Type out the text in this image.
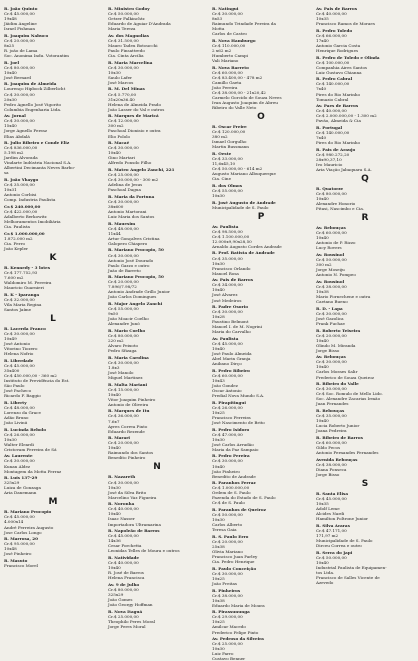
R. João Quinto
Cr.$ 45.000,00
19x48
Jáidim Angeline
Israel Fishman
R. Joaquim Nabuco
Cr.$ 20.000,00
8x25
R. joão de Lama
Soc. Anonima Indu. Votorantim
R. Joel
Cr.$ 80.000,00
10x40
José Bernard
R. Joaquim de Almeida
Lourenço Hipbock Zilberlicht
Cr.$ 30.000,00
20x30
Pedro Agnello José Vigorito
Columbia Engenharia Ltda.
Av. Jornal
Cr.$ 30.000,00
15x40
Jorge Agnello Ferraz
Elias Abdalá
R. Julio Ribeiro e Conde Eliz
Cr.$ 836.000,00
5.198 m2
Jardim Alvorada
Vindarte Indústria Nacional S.A.
Albertini Decimanta Neves Barbo-
sa
R. João Yhaygo
Cr.$ 35.000,00
10x31
Antonio Corbisi
Comp. Industria Paulista
Cr.$ 240.000,00
Cr.$ 422.000,00
Adalberto Berkowitz
Melhoramentos Imobiliária
Cia. Paulista
Cr.$ 1.000.000,00
1.872.000 m2
Cia. Ferro
João Kepler
K
R. Kennedy - 3 lotes
Cr.$ 177.752,93
7.600 m2
Waldomiro M. Ferreira
Mauricio Guarnieri
R. K - Iparanga
Cr.$ 32.000,00
Vila Maria Regina
Santos Jaíme
L
R. Lacerda Franco
Cr.$ 30.000,00
10x49
José Antonio
Vitorino Tiozero
Helena Nofrio
R. Liberdade
Cr.$ 45.000,00
35x400
Cr.$ 450.000,00 - 360 m2
Instituto de Previdência do Est.
São Paulo
José Pacheco
Ricardo F. Baggio
R. Liberty
Cr.$ 48.000,00
Lorenzo da Grace
Adão Bruno
João Livinú
R. Lucinda Rebolo
Cr.$ 26.000,00
10x30
Walter Eleardi
Cristovam Ferreira de Sá
Av. Laurente
Cr.$ 30.000,00
Kunan Aldez
Montagem da Motta Ferraz
R. Luís 137-29
325x29
Luiza de Gonzaga
Aria Danemann
M
R. Mariano Procopio
Cr.$ 45.000,00
4.000x14
André Ferreira Augusto
Jose Carlos Longo
R. Marrosa, 20
Cr.$ 95.000,00
10x48
José Pinheiro
R. Masuto
Francisco Morel
R. Ministro Godoy
Cr.$ 50.000,00
Getzer Falkinchtz
Eduardo de Aguiar D'Andrada
Maria Tereza
Av. dos Magnolias
Cr.$ 31.500,00
Mauro Tadeu Botoucchi
Paulo Finsattredo
Cia. Cinta Arcilia
R. Maria Marcelina
Cr.$ 30.000,00
10x30
Saulo Lafer
José Marcos
R. M. Del Minas
Cr.$ 5.770,00
31x20x36.40
Helena de Almeida Prado
João Lasser do Val e outros
R. Marques de Maricá
Cr.$ 12.000,00
300 m2
Paschoal Dionisio e outra
Elio Pololo
R. Macaé
Cr.$ 30.000,00
10x40
Gino Martari
Alfredo Ponsdo Filho
R. Mateo Angelo Zanchi, 221
Cr.$ 25.000,00
Cr.$ 30.000,00 - 300 m2
Adelina de Jesus
Paschoal Dagua
R. Maria da Fortuna
Cr.$ 30.000,00
38x600
Antonio Martorani
Luiz Maria dos Santos
R. Mauesim
Cr.$ 48.000,00
11x44
Artur Gonçalves Cristina
Galopero Chiapero
R. Mariano Procopio, 50
Cr.$ 30.000,00
Antonio José Dourado
Paulo Gazzo e outro
Juão de Barreto
R. Mariano Procopio, 50
Cr.$ 20.000,00
7.896/7.98/72
Antonio Andrade Grillo Junior
João Carlos Domingues
R. Major Angelo Zanchi
Cr.$ 55.000,00
9x50
João Moacir Coelho
Alexandre Junó
R. Mario Coelho
Cr.$ 80.000,00
220 m2
Alvaro Peixoto
Pedro Sfizaga
R. Maria Carolina
Cr.$ 30.000,00
1.8x3
José Manolo
Miguel Martinez
R. Malta Mariani
Cr.$ 15.000,00
10x40
Vitor Joaquim Pinheiro
Antonio de Oliveira
R. Marques de Itu
Cr.$ 36.000,00
7.6x7
Ayres Correa Pinto
Eduardo Rezende
R. Marari
Cr.$ 20.000,00
10x40
Raimundo dos Santos
Benedito Pinheiro
N
R. Nazareth
Cr.$ 30.000,00
10x30
José da Silva Brito
Marcelino Vaz Figueira
R. Noronha
Cr.$ 40.000,00
10x40
Isaac Nasser
Importadora Ultramarina
R. Napoleão de Barros
Cr.$ 45.000,00
14x36
Cesar Forchetta
Leonidas Telles de Moura e outros
R. Natividade
Cr.$ 40.000,00
10x40
R. José de Barros
Helena Francisca
Av. 9 de Julho
Cr.$ 80.000,00
325x29
João Gomes
João Georgy Hoffman
R. Nova Itaguá
Cr.$ 25.000,00
Theophilo Peres Moral
Jorge Peres Moral
R. Natingui
Cr.$ 30.000,00
8x53
Raimundo Trindade Pereira da
Motta
Carlos de Castro
R. Nova Hamburgo
Cr.$ 110.000,00
2 x62 m2
Humberto Campi
Vali Mariano
R. Nova Barreto
Cr.$ 60.000,00
Cr.$ 83.400,00 - 478 m2
Camillo Gaeta
João Pereira
Cr.$ 38.000,00 - 21x20,42
Carmelo Gorcido de Souza Neves
Ivan Augusto Joaquim de Abreu
Ribeiro do Valle Neto
O
R. Oscar Freire
Cr.$ 120.000,00
380 m2
Ismael Gorgulho
Martin Bussmann
R. Oeste
Cr.$ 33.000,00
11,6x45,10
Cr.$ 50.000,00 - 614 m2
Augusto Mariano Albuquerque
Cia. Cine
R. dos Olmos
Cr.$ 55.000,00
10x30
R. José Augusto de Andrade
Municipalidade de S. Paulo
P
Av. Paulista
Cr.$ 98.500,00
Cr.$ 1.100.000,00
12.000x9,90x28,50
Arnaldo Augusto Cordes Andrade
R. Prof. Batista de Andrade
Cr.$ 35.000,00
10x30
Francisco Orlando
Manoel Rosa
Av. Pais de Barros
Cr.$ 34.000,00
10x40
José Alvarez
José Medeiros
R. Padre Osorio
Cr.$ 30.000,00
10x28
Faustino Belmont
Manoel I. de M. Nogrini
Maria do Carvalho
Av. Paulista
Cr.$ 45.000,00
10x40
José Paulo Almeida
Abel Marin Granja
Anibano Dirço
R. Pedro Ribeiro
Cr.$ 60.000,00
10x43
João Gondez
Oscar Antonio
Predial Nova Mundo S.A.
R. Pirapitingui
Cr.$ 26.000,00
10x25
Francisco Ferreira
José Nascimento de Brito
R. Pedro Isidoro
Cr.$ 47.000,00
10x30
José Carlos Arrudão
Maria da Paz Sampaio
R. Pedro Pereira
Cr.$ 30.000,00
10x40
João Pinheiro
Benedito de Andrade
R. Paranhos Ferraz
Cr.$ 1.000.000,00
Ordem de S. Paulo
Fazenda do Estado de S. Paulo
Cr.$ de S. Paulo
R. Paranhos de Queiroz
Cr.$ 50.000,00
10x30
Carlos Alberto
Teresa Gaia
R. S. Paulo Erro
Cr.$ 20.000,00
25x38
Olivia Mariano
Francisco Juan Parley
Cia. Pedro Henrique
R. Paulo Conceição
Cr.$ 30.000,00
10x25
João Freitas
R. Pinheiros
Cr.$ 38.000,00
10x38
Eduardo Maria de Moura
R. Pirassununga
Cr.$ 29.000,00
10x25
Amilcar Macedo
Frederico Felipe Pinto
Av. Pedroso da Silveira
Cr.$ 25.000,00
10x30
Luiz Farro
Custavo Benner
Av. Pais de Barros
Cr.$ 40.000,00
10x35
Francisco Ramos de Moraes
R. Pedro Toledo
Cr.$ 66.000,00
17x40
Antonio Garcia Costa
Henrique Rodrigues
R. Pedro de Toledo e Olinda
Cr.$ 100.000,00
Companhia Aires Santos
Luiz Gustavo Chianna
R. Pedro Cabral
Cr.$ 140.000,00
7x40
Pires do Rio Marinho
Tomazio Cabral
Av. Paes de Barros
Cr.$ 40.000,00
Cr.$ 2.000.000,00 - 1.300 m2
Pavão, Almeida & Cia
R. Portugal
Cr.$ 140.000,00
7x40
Pires do Rio Marinho
R. Pais de Araujo
Cr.$ 980.272,20
28x90,37,10
Ivo Mauricio
Aria Viação Jabaquara S.A.
Q
R. Quatorze
Cr.$ 80.000,00
10x40
Alexandre Honorio
Pitasi, Nascimbo e Cia.
R
Av. Rebouças
Cr.$ 60.000,00
10x40
Antonio de P. Rizzo
Lucy Rovers
Av. Rouxinol
Cr.$ 50.000,00
300 m2
Jorge Moseiju
Antonio N. Pompeo
Av. Rouxinol
Cr.$ 38.000,00
10x38
Mario Fornechene e outra
Caetano Bueno
R. D. - Lapa
Cr.$ 30.000,00
José Gazolica
Frank Fuchae
R. Roberto Teixeira
Cr.$ 20.000,00
10x40
Olindo M. Miranda
Jorge Bisso
Av. Rebouças
Cr.$ 30.000,00
10x40
Carlos Moraes Salir
Frederico de Souza Queiroz
R. Ribeiro do Valle
Cr.$ 30.000,00
Cr.$ Soc. Romulo de Mello Lido.
Soc. Alexandre Zacarias Irmão
Juan Fernandes
R. Rebouças
Cr.$ 35.000,00
10x40
Lucia Roberto Junior
Joana Pedreira
R. Ribeiro de Barros
Cr.$ 60.000,00
Gildo Pecos
Antonio Fernandes Fernandes
Avenida Rebouças
Cr.$ 38.000,00
Diana Fonseca
Jorge Bisso
S
R. Santa Elisa
Cr.$ 45.000,00
10x35
Adolf Leme
Alcides Nardi
Hamilton Poltrone Junior
R. Silva Araras
Cr.$ 47.171,00
171,97 m2
Municipalidade de S. Paulo
Dirceu Correa e outro
R. Serra do Japi
Cr.$ 50.000,00
10x40
Industrial Paulista de Equipamen-
tos Ltda.
Francisco de Salles Vicente de
Azevedo
